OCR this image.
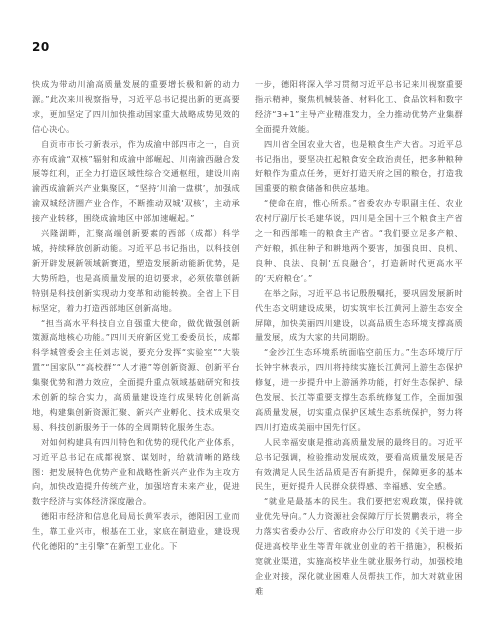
20

快成为带动川渝高质量发展的重要增长极和新的动力源。”此次来川视察指导，习近平总书记提出新的更高要求，更加坚定了四川加快推动国家重大战略成势见效的信心决心。

自贡市市长刁新表示，作为成渝中部四市之一，自贡亦有成渝“双核”辐射和成渝中部崛起、川南渝西融合发展等红利，正全力打造区域性综合交通枢纽，建设川南渝西成渝新兴产业集聚区，“坚持‘川渝一盘棋’，加强成渝双城经济圈产业合作，不断推动双城‘双核’，主动承接产业转移，围绕成渝地区中部加速崛起。”

兴隆湖畔，汇聚高端创新要素的西部（成都）科学城，持续释放创新动能。习近平总书记指出，以科技创新开辟发展新领域新赛道，塑造发展新动能新优势，是大势所趋，也是高质量发展的迫切要求，必须依靠创新特别是科技创新实现动力变革和动能转换。全省上下目标坚定，着力打造西部地区创新高地。

“担当高水平科技自立自强重大使命，做优做强创新策源高地核心功能。”四川天府新区党工委委员长，成都科学城管委会主任刘志说，要充分发挥“实验室”“大装置”“国家队”“高校群”“人才港”等创新资源、创新平台集聚优势和潜力效应，全面提升重点领域基础研究和技术创新的综合实力，高质量建设连行成果转化创新高地，构建集创新资源汇聚、新兴产业孵化、技术成果交易、科技创新服务于一体的全周期转化服务生态。

对如何构建具有四川特色和优势的现代化产业体系，习近平总书记在成都视察、谋划时，给就清晰的路线图：把发展特色优势产业和战略性新兴产业作为主攻方向，加快改造提升传统产业，加强培育未来产业，促进数字经济与实体经济深度融合。

德阳市经济和信息化局局长黄军表示，德阳因工业而生，靠工业兴市，根基在工业，家底在制造业，建设现代化德阳的“主引擎”在新型工业化。下

一步，德阳将深入学习贯彻习近平总书记来川视察重要指示精神，聚焦机械装备、材料化工、食品饮料和数字经济“3+1”主导产业精准发力，全力推动优势产业集群全面提升效能。

四川省全国农业大省，也是粮食生产大省。习近平总书记指出，要坚决扛起粮食安全政治责任，把多种粮种好粮作为重点任务，更好打造天府之国的粮仓，打造我国重要的粮食储备和供应基地。

“使命在肩，惟心所系。”省委农办专职副主任、农业农村厅副厅长毛建华说，四川是全国十三个粮食主产省之一和西部唯一的粮食主产省。“我们要立足多产粮、产好粮，抓住种子和耕地两个要害，加强良田、良机、良种、良法、良制‘五良融合’，打造新时代更高水平的‘天府粮仓’。”

在举之际，习近平总书记殷殷嘱托，要巩固发展新时代生态文明建设成果，切实筑牢长江黄河上游生态安全屏障，加快美丽四川建设，以高品质生态环境支撑高质量发展，成为大家的共同期盼。

“金沙江生态环境系统面临空前压力。”生态环境厅厅长钟宇林表示，四川将持续实施长江黄河上游生态保护修复，进一步提升中上游涵养功能，打好生态保护、绿色发展、长江等重要支撑生态系统修复工作，全面加强高质量发展，切实重点保护区域生态系统保护，努力将四川打造成美丽中国先行区。

人民幸福安康是推动高质量发展的最终目的。习近平总书记强调，检验推动发展成效，要看高质量发展是否有效满足人民生活品质是否有新提升，保障更多的基本民生，更好提升人民群众获得感、幸福感、安全感。

“就业是最基本的民生。我们要把宏观政策，保持就业优先导向。”人力资源社会保障厅厅长贺鹏表示，将全力落实省委办公厅、省政府办公厅印发的《关于进一步促进高校毕业生等青年就业创业的若干措施》，积极拓宽就业渠道，实施高校毕业生就业服务行动，加强校地企业对接，深化就业困难人员帮扶工作，加大对就业困难
